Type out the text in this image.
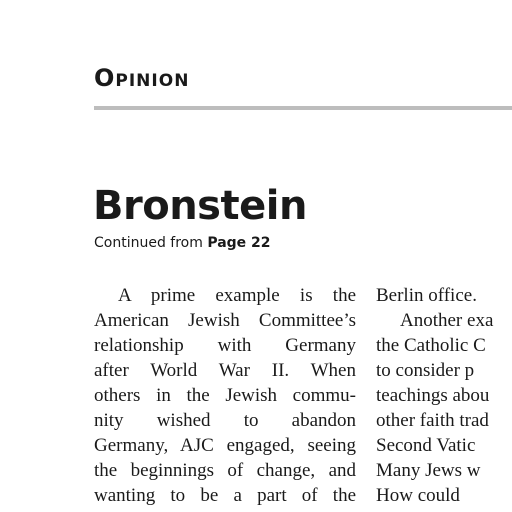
Opinion
Bronstein
Continued from Page 22
A prime example is the
American Jewish Committee’s
relationship with Germany
after World War II. When
others in the Jewish commu-
nity wished to abandon
Germany, AJC engaged, seeing
the beginnings of change, and
wanting to be a part of the
Berlin office.
Another exa
the Catholic C
to consider p
teachings abou
other faith trad
Second Vatic
Many Jews w
How could
